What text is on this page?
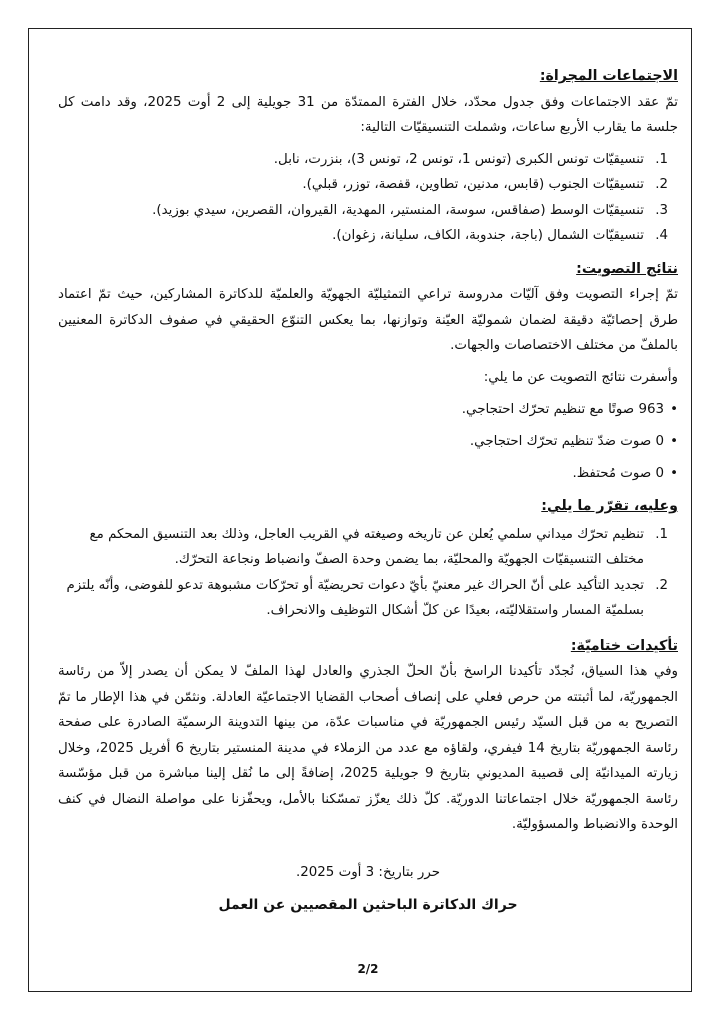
الاجتماعات المجراة:

تمّ عقد الاجتماعات وفق جدول محدّد، خلال الفترة الممتدّة من 31 جويلية إلى 2 أوت 2025، وقد دامت كل جلسة ما يقارب الأربع ساعات، وشملت التنسيقيّات التالية:

1.
تنسيقيّات تونس الكبرى (تونس 1، تونس 2، تونس 3)، بنزرت، نابل.
2.
تنسيقيّات الجنوب (قابس، مدنين، تطاوين، قفصة، توزر، قبلي).
3.
تنسيقيّات الوسط (صفاقس، سوسة، المنستير، المهدية، القيروان، القصرين، سيدي بوزيد).
4.
تنسيقيّات الشمال (باجة، جندوبة، الكاف، سليانة، زغوان).

نتائج التصويت:

تمّ إجراء التصويت وفق آليّات مدروسة تراعي التمثيليّة الجهويّة والعلميّة للدكاترة المشاركين، حيث تمّ اعتماد طرق إحصائيّة دقيقة لضمان شموليّة العيّنة وتوازنها، بما يعكس التنوّع الحقيقي في صفوف الدكاترة المعنيين بالملفّ من مختلف الاختصاصات والجهات.

وأسفرت نتائج التصويت عن ما يلي:

• 963 صوتًا مع تنظيم تحرّك احتجاجي.
• 0 صوت ضدّ تنظيم تحرّك احتجاجي.
• 0 صوت مُحتفظ.

وعليه، تقرّر ما يلي:

1.
تنظيم تحرّك ميداني سلمي يُعلن عن تاريخه وصيغته في القريب العاجل، وذلك بعد التنسيق المحكم مع مختلف التنسيقيّات الجهويّة والمحليّة، بما يضمن وحدة الصفّ وانضباط ونجاعة التحرّك.
2.
تجديد التأكيد على أنّ الحراك غير معنيّ بأيّ دعوات تحريضيّة أو تحرّكات مشبوهة تدعو للفوضى، وأنّه يلتزم بسلميّة المسار واستقلاليّته، بعيدًا عن كلّ أشكال التوظيف والانحراف.

تأكيدات ختاميّة:

وفي هذا السياق، نُجدّد تأكيدنا الراسخ بأنّ الحلّ الجذري والعادل لهذا الملفّ لا يمكن أن يصدر إلاّ من رئاسة الجمهوريّة، لما أثبتته من حرص فعلي على إنصاف أصحاب القضايا الاجتماعيّة العادلة. ونثمّن في هذا الإطار ما تمّ التصريح به من قبل السيّد رئيس الجمهوريّة في مناسبات عدّة، من بينها التدوينة الرسميّة الصادرة على صفحة رئاسة الجمهوريّة بتاريخ 14 فيفري، ولقاؤه مع عدد من الزملاء في مدينة المنستير بتاريخ 6 أفريل 2025، وخلال زيارته الميدانيّة إلى قصيبة المديوني بتاريخ 9 جويلية 2025، إضافةً إلى ما نُقل إلينا مباشرة من قبل مؤسّسة رئاسة الجمهوريّة خلال اجتماعاتنا الدوريّة. كلّ ذلك يعزّز تمسّكنا بالأمل، ويحفّزنا على مواصلة النضال في كنف الوحدة والانضباط والمسؤوليّة.

حرر بتاريخ: 3 أوت 2025.

حراك الدكاترة الباحثين المقصيين عن العمل

2/2
